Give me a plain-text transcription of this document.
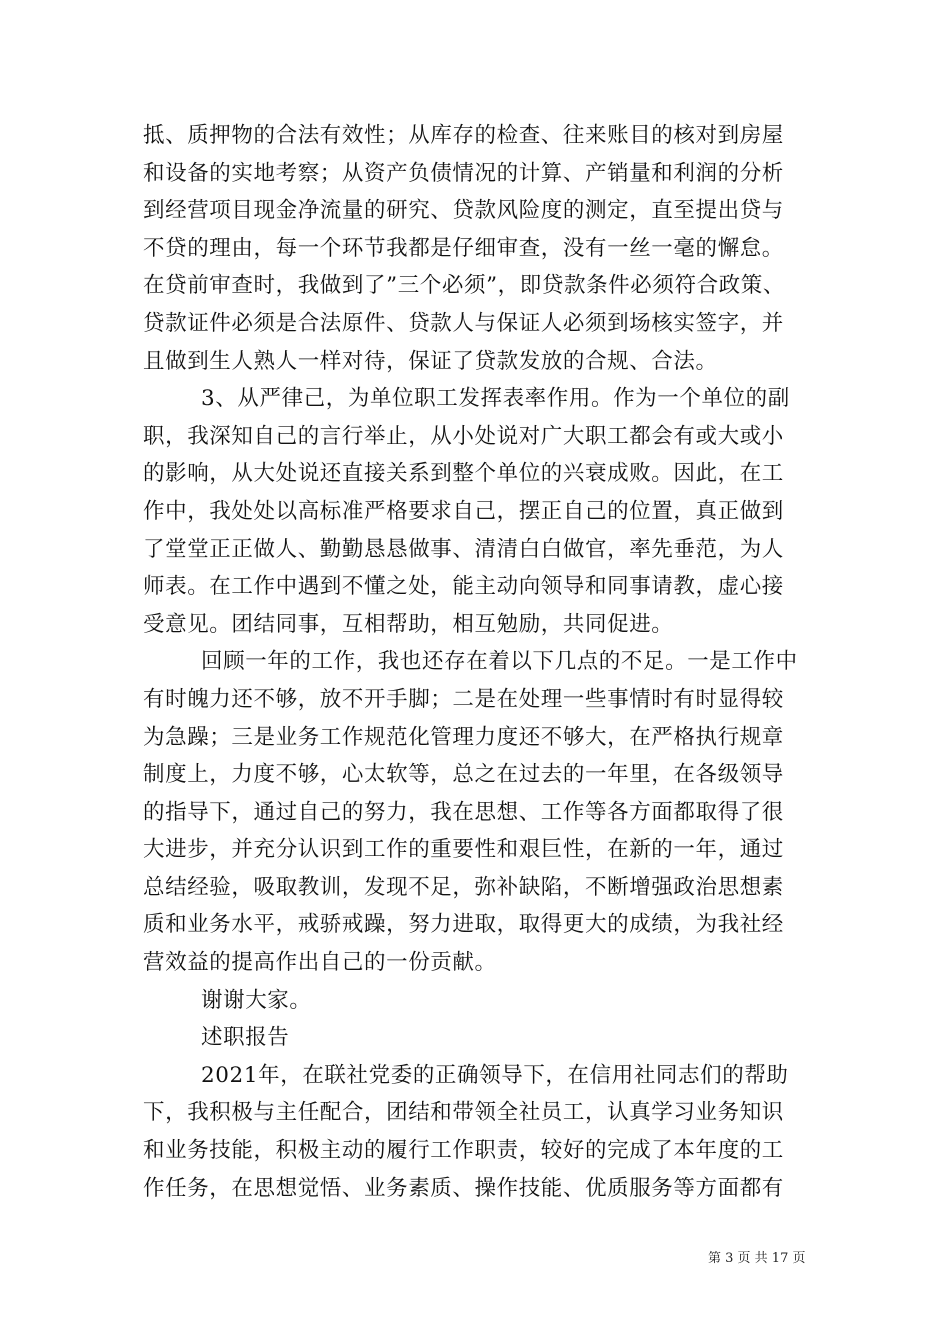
抵、质押物的合法有效性；从库存的检查、往来账目的核对到房屋
和设备的实地考察；从资产负债情况的计算、产销量和利润的分析
到经营项目现金净流量的研究、贷款风险度的测定，直至提出贷与
不贷的理由，每一个环节我都是仔细审查，没有一丝一毫的懈怠。
在贷前审查时，我做到了”三个必须”，即贷款条件必须符合政策、
贷款证件必须是合法原件、贷款人与保证人必须到场核实签字，并
且做到生人熟人一样对待，保证了贷款发放的合规、合法。
3、从严律己，为单位职工发挥表率作用。作为一个单位的副
职，我深知自己的言行举止，从小处说对广大职工都会有或大或小
的影响，从大处说还直接关系到整个单位的兴衰成败。因此，在工
作中，我处处以高标准严格要求自己，摆正自己的位置，真正做到
了堂堂正正做人、勤勤恳恳做事、清清白白做官，率先垂范，为人
师表。在工作中遇到不懂之处，能主动向领导和同事请教，虚心接
受意见。团结同事，互相帮助，相互勉励，共同促进。
回顾一年的工作，我也还存在着以下几点的不足。一是工作中
有时魄力还不够，放不开手脚；二是在处理一些事情时有时显得较
为急躁；三是业务工作规范化管理力度还不够大，在严格执行规章
制度上，力度不够，心太软等，总之在过去的一年里，在各级领导
的指导下，通过自己的努力，我在思想、工作等各方面都取得了很
大进步，并充分认识到工作的重要性和艰巨性，在新的一年，通过
总结经验，吸取教训，发现不足，弥补缺陷，不断增强政治思想素
质和业务水平，戒骄戒躁，努力进取，取得更大的成绩，为我社经
营效益的提高作出自己的一份贡献。
谢谢大家。
述职报告
2021年，在联社党委的正确领导下，在信用社同志们的帮助
下，我积极与主任配合，团结和带领全社员工，认真学习业务知识
和业务技能，积极主动的履行工作职责，较好的完成了本年度的工
作任务，在思想觉悟、业务素质、操作技能、优质服务等方面都有
第 3 页 共 17 页
